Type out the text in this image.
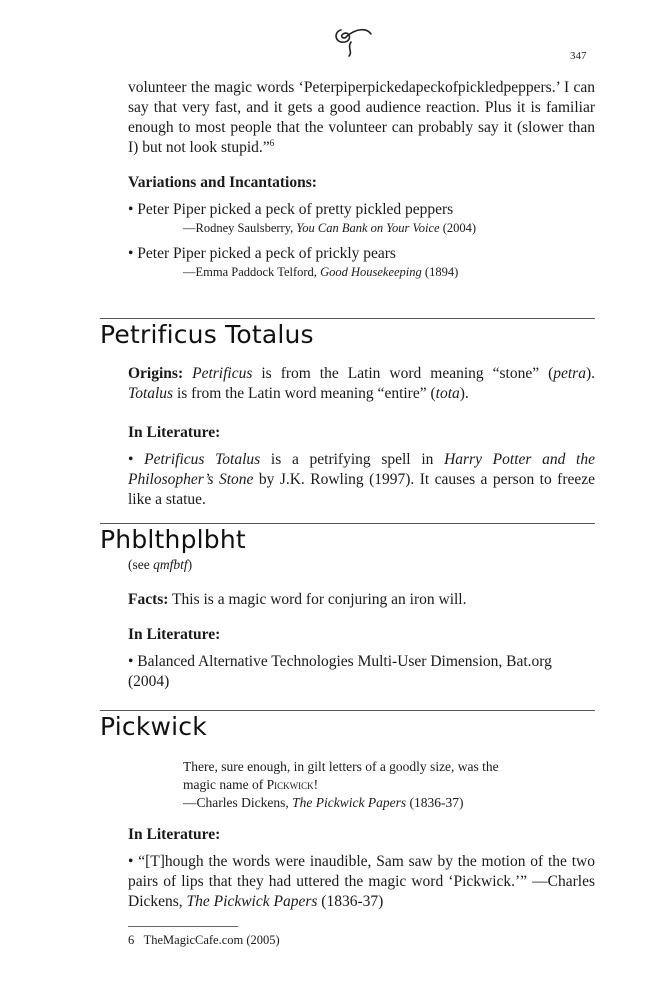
347
volunteer the magic words ‘Peterpiperpickedapeckofpickledpeppers.’ I can say that very fast, and it gets a good audience reaction. Plus it is familiar enough to most people that the volunteer can probably say it (slower than I) but not look stupid.”$^6$
Variations and Incantations:
• Peter Piper picked a peck of pretty pickled peppers
—Rodney Saulsberry, You Can Bank on Your Voice (2004)
• Peter Piper picked a peck of prickly pears
—Emma Paddock Telford, Good Housekeeping (1894)
Petrificus Totalus
Origins: Petrificus is from the Latin word meaning “stone” (petra). Totalus is from the Latin word meaning “entire” (tota).
In Literature:
• Petrificus Totalus is a petrifying spell in Harry Potter and the Philosopher’s Stone by J.K. Rowling (1997). It causes a person to freeze like a statue.
Phblthplbht
(see qmfbtf)
Facts: This is a magic word for conjuring an iron will.
In Literature:
• Balanced Alternative Technologies Multi-User Dimension, Bat.org (2004)
Pickwick
There, sure enough, in gilt letters of a goodly size, was the
magic name of Pickwick!
—Charles Dickens, The Pickwick Papers (1836-37)
In Literature:
• “[T]hough the words were inaudible, Sam saw by the motion of the two pairs of lips that they had uttered the magic word ‘Pickwick.’” —Charles Dickens, The Pickwick Papers (1836-37)
6 TheMagicCafe.com (2005)
